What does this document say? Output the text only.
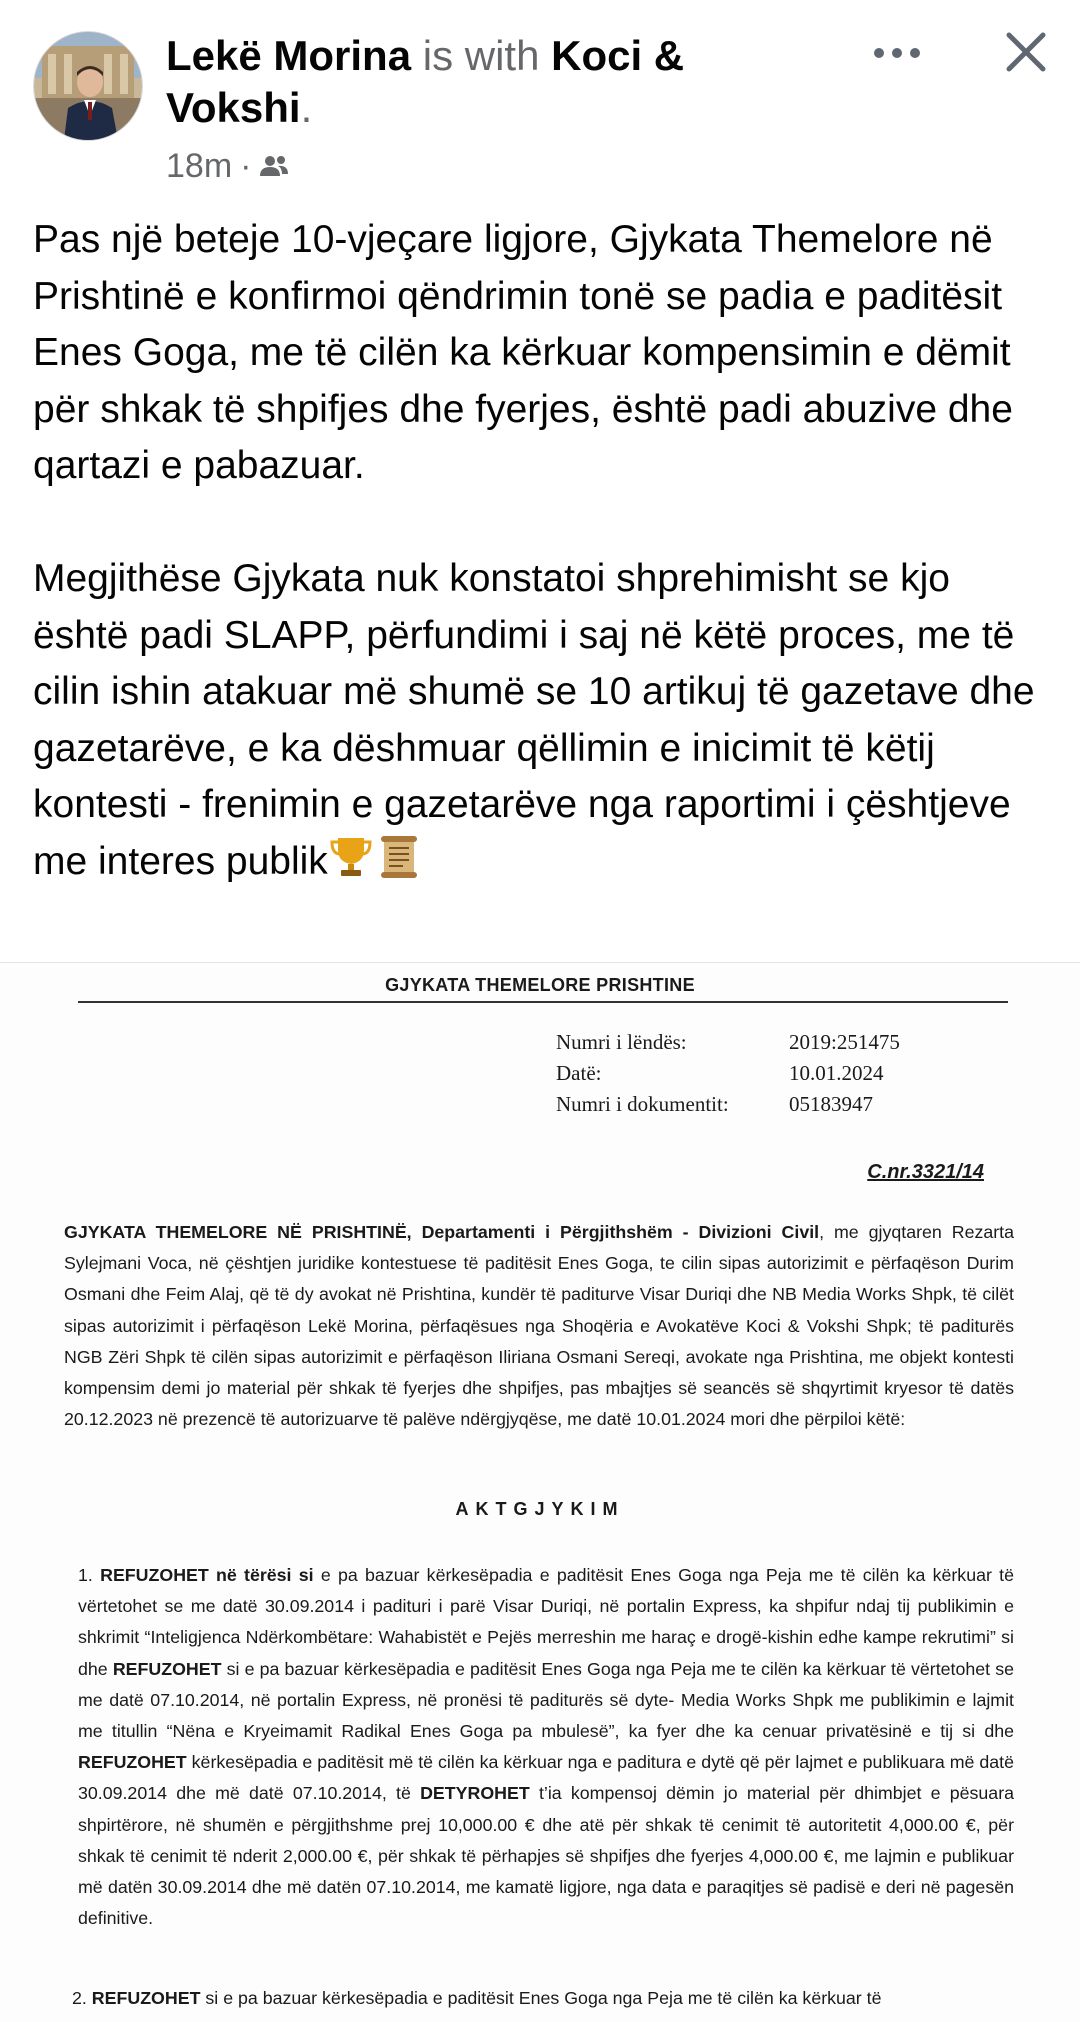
Lekë Morina is with Koci & Vokshi.
18m ·

Pas një beteje 10-vjeçare ligjore, Gjykata Themelore në Prishtinë e konfirmoi qëndrimin tonë se padia e paditësit Enes Goga, me të cilën ka kërkuar kompensimin e dëmit për shkak të shpifjes dhe fyerjes, është padi abuzive dhe qartazi e pabazuar.

Megjithëse Gjykata nuk konstatoi shprehimisht se kjo është padi SLAPP, përfundimi i saj në këtë proces, me të cilin ishin atakuar më shumë se 10 artikuj të gazetave dhe gazetarëve, e ka dëshmuar qëllimin e inicimit të këtij kontesti - frenimin e gazetarëve nga raportimi i çështjeve me interes publik

GJYKATA THEMELORE PRISHTINE
Numri i lëndës:	2019:251475
Datë:	10.01.2024
Numri i dokumentit:	05183947
C.nr.3321/14
GJYKATA THEMELORE NË PRISHTINË, Departamenti i Përgjithshëm - Divizioni Civil, me gjyqtaren Rezarta Sylejmani Voca, në çështjen juridike kontestuese të paditësit Enes Goga, te cilin sipas autorizimit e përfaqëson Durim Osmani dhe Feim Alaj, që të dy avokat në Prishtina, kundër të paditurve Visar Duriqi dhe NB Media Works Shpk, të cilët sipas autorizimit i përfaqëson Lekë Morina, përfaqësues nga Shoqëria e Avokatëve Koci & Vokshi Shpk; të paditurës NGB Zëri Shpk të cilën sipas autorizimit e përfaqëson Iliriana Osmani Sereqi, avokate nga Prishtina, me objekt kontesti kompensim demi jo material për shkak të fyerjes dhe shpifjes, pas mbajtjes së seancës së shqyrtimit kryesor të datës 20.12.2023 në prezencë të autorizuarve të palëve ndërgjyqëse, me datë 10.01.2024 mori dhe përpiloi këtë:
AKTGJYKIM
1. REFUZOHET në tërësi si e pa bazuar kërkesëpadia e paditësit Enes Goga nga Peja me të cilën ka kërkuar të vërtetohet se me datë 30.09.2014 i padituri i parë Visar Duriqi, në portalin Express, ka shpifur ndaj tij publikimin e shkrimit “Inteligjenca Ndërkombëtare: Wahabistët e Pejës merreshin me haraç e drogë-kishin edhe kampe rekrutimi” si dhe REFUZOHET si e pa bazuar kërkesëpadia e paditësit Enes Goga nga Peja me te cilën ka kërkuar të vërtetohet se me datë 07.10.2014, në portalin Express, në pronësi të paditurës së dyte- Media Works Shpk me publikimin e lajmit me titullin “Nëna e Kryeimamit Radikal Enes Goga pa mbulesë”, ka fyer dhe ka cenuar privatësinë e tij si dhe REFUZOHET kërkesëpadia e paditësit më të cilën ka kërkuar nga e paditura e dytë që për lajmet e publikuara më datë 30.09.2014 dhe më datë 07.10.2014, të DETYROHET t’ia kompensoj dëmin jo material për dhimbjet e pësuara shpirtërore, në shumën e përgjithshme prej 10,000.00 € dhe atë për shkak të cenimit të autoritetit 4,000.00 €, për shkak të cenimit të nderit 2,000.00 €, për shkak të përhapjes së shpifjes dhe fyerjes 4,000.00 €, me lajmin e publikuar më datën 30.09.2014 dhe më datën 07.10.2014, me kamatë ligjore, nga data e paraqitjes së padisë e deri në pagesën definitive.
2. REFUZOHET si e pa bazuar kërkesëpadia e paditësit Enes Goga nga Peja me të cilën ka kërkuar të
